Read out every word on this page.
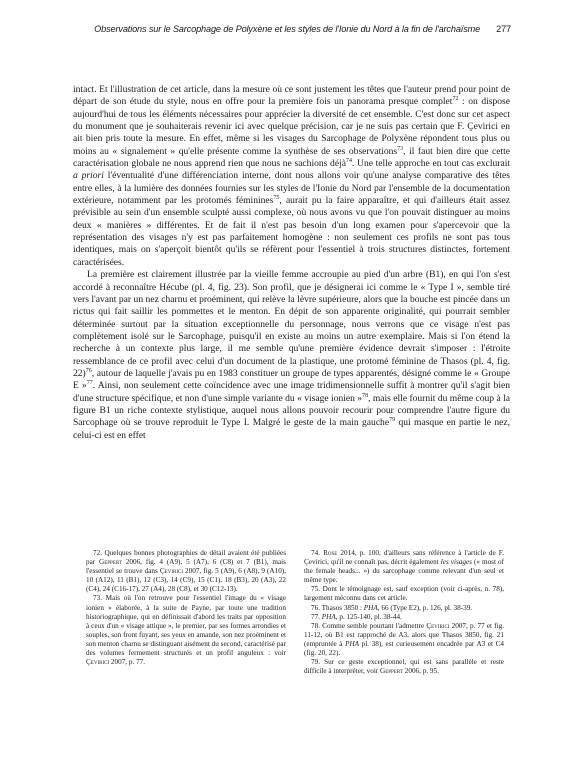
Observations sur le Sarcophage de Polyxène et les styles de l'Ionie du Nord à la fin de l'archaïsme 277

intact. Et l'illustration de cet article, dans la mesure où ce sont justement les têtes que l'auteur prend pour point de départ de son étude du style, nous en offre pour la première fois un panorama presque complet$^{72}$ : on dispose aujourd'hui de tous les éléments nécessaires pour apprécier la diversité de cet ensemble. C'est donc sur cet aspect du monument que je souhaiterais revenir ici avec quelque précision, car je ne suis pas certain que F. Çevirici en ait bien pris toute la mesure. En effet, même si les visages du Sarcophage de Polyxène répondent tous plus ou moins au « signalement » qu'elle présente comme la synthèse de ses observations$^{73}$, il faut bien dire que cette caractérisation globale ne nous apprend rien que nous ne sachions déjà$^{74}$. Une telle approche en tout cas exclurait a priori l'éventualité d'une différenciation interne, dont nous allons voir qu'une analyse comparative des têtes entre elles, à la lumière des données fournies sur les styles de l'Ionie du Nord par l'ensemble de la documentation extérieure, notamment par les protomés féminines$^{75}$, aurait pu la faire apparaître, et qui d'ailleurs était assez prévisible au sein d'un ensemble sculpté aussi complexe, où nous avons vu que l'on pouvait distinguer au moins deux « manières » différentes. Et de fait il n'est pas besoin d'un long examen pour s'apercevoir que la représentation des visages n'y est pas parfaitement homogène : non seulement ces profils ne sont pas tous identiques, mais on s'aperçoit bientôt qu'ils se réfèrent pour l'essentiel à trois structures distinctes, fortement caractérisées.

La première est clairement illustrée par la vieille femme accroupie au pied d'un arbre (B1), en qui l'on s'est accordé à reconnaître Hécube (pl. 4, fig. 23). Son profil, que je désignerai ici comme le « Type I », semble tiré vers l'avant par un nez charnu et proéminent, qui relève la lèvre supérieure, alors que la bouche est pincée dans un rictus qui fait saillir les pommettes et le menton. En dépit de son apparente originalité, qui pourrait sembler déterminée surtout par la situation exceptionnelle du personnage, nous verrons que ce visage n'est pas complètement isolé sur le Sarcophage, puisqu'il en existe au moins un autre exemplaire. Mais si l'on étend la recherche à un contexte plus large, il me semble qu'une première évidence devrait s'imposer : l'étroite ressemblance de ce profil avec celui d'un document de la plastique, une protomé féminine de Thasos (pl. 4, fig. 22)$^{76}$, autour de laquelle j'avais pu en 1983 constituer un groupe de types apparentés, désigné comme le « Groupe E »$^{77}$. Ainsi, non seulement cette coïncidence avec une image tridimensionnelle suffit à montrer qu'il s'agit bien d'une structure spécifique, et non d'une simple variante du « visage ionien »$^{78}$, mais elle fournit du même coup à la figure B1 un riche contexte stylistique, auquel nous allons pouvoir recourir pour comprendre l'autre figure du Sarcophage où se trouve reproduit le Type I. Malgré le geste de la main gauche$^{79}$ qui masque en partie le nez, celui-ci est en effet

72. Quelques bonnes photographies de détail avaient été publiées par Geppert 2006, fig. 4 (A9), 5 (A7), 6 (C8) et 7 (B1), mais l'essentiel se trouve dans Çevirici 2007, fig. 5 (A9), 6 (A8), 9 (A10), 10 (A12), 11 (B1), 12 (C3), 14 (C9), 15 (C1), 18 (B3), 20 (A3), 22 (C4), 24 (C16-17), 27 (A4), 28 (C8), et 30 (C12-13).

73. Mais où l'on retrouve pour l'essentiel l'image du « visage ionien » élaborée, à la suite de Payne, par toute une tradition historiographique, qui en définissait d'abord les traits par opposition à ceux d'un « visage attique », le premier, par ses formes arrondies et souples, son front fuyant, ses yeux en amande, son nez proéminent et son menton charnu se distinguant aisément du second, caractérisé par des volumes fermement structurés et un profil anguleux : voir Çevirici 2007, p. 77.

74. Rose 2014, p. 100, d'ailleurs sans référence à l'article de F. Çevirici, qu'il ne connaît pas, décrit également les visages (« most of the female heads... ») du sarcophage comme relevant d'un seul et même type.

75. Dont le témoignage est, sauf exception (voir ci-après, n. 78), largement méconnu dans cet article.

76. Thasos 3850 : PHA, 66 (Type E2), p. 126, pl. 38-39.

77. PHA, p. 125-140, pl. 38-44.

78. Comme semble pourtant l'admettre Çevirici 2007, p. 77 et fig. 11-12, où B1 est rapproché de A3, alors que Thasos 3850, fig. 21 (empruntée à PHA pl. 38), est curieusement encadrée par A3 et C4 (fig. 20, 22).

79. Sur ce geste exceptionnel, qui est sans parallèle et reste difficile à interpréter, voir Geppert 2006, p. 95.
